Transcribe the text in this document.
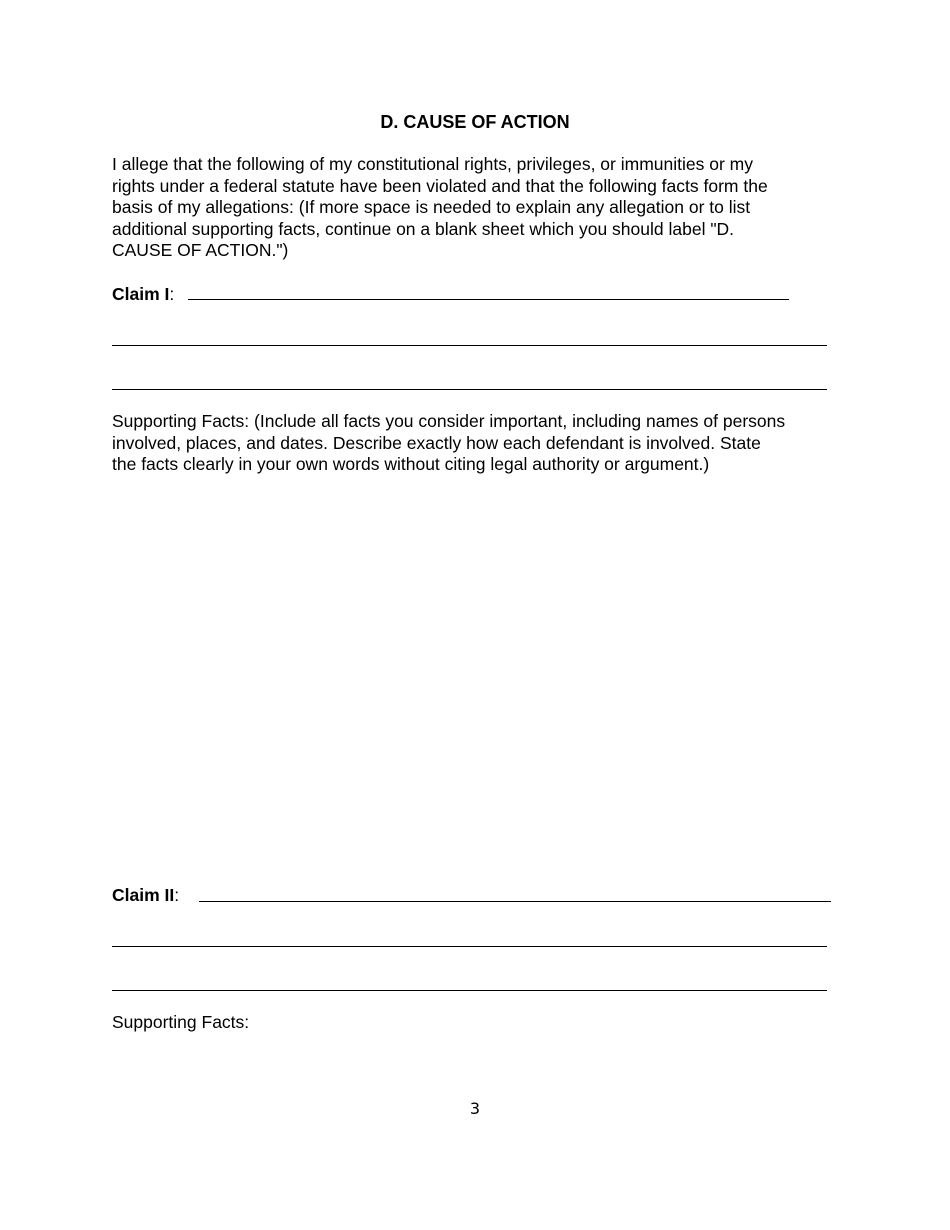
D. CAUSE OF ACTION
I allege that the following of my constitutional rights, privileges, or immunities or my
rights under a federal statute have been violated and that the following facts form the
basis of my allegations: (If more space is needed to explain any allegation or to list
additional supporting facts, continue on a blank sheet which you should label "D.
CAUSE OF ACTION.")
Claim I:
Supporting Facts: (Include all facts you consider important, including names of persons
involved, places, and dates. Describe exactly how each defendant is involved. State
the facts clearly in your own words without citing legal authority or argument.)
Claim II:
Supporting Facts:
3
